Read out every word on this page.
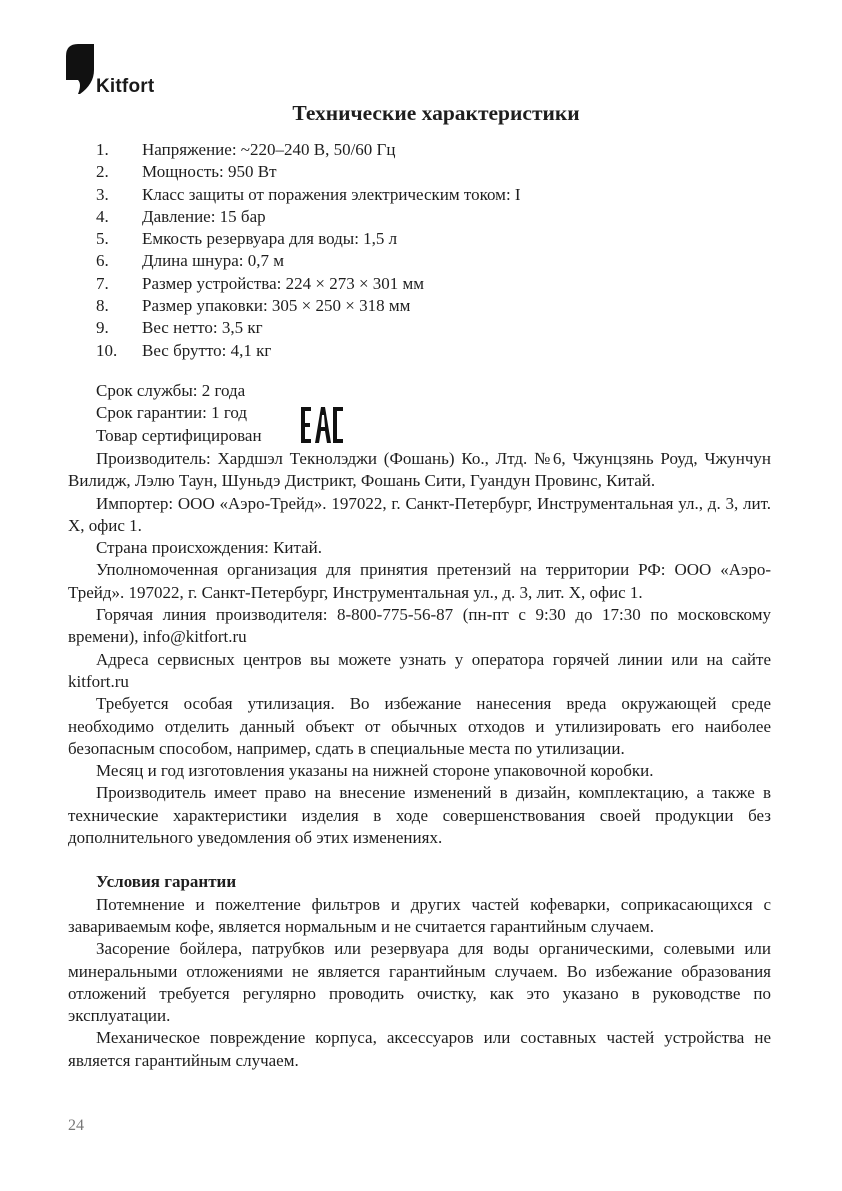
Kitfort
Технические характеристики
1.	Напряжение: ~220–240 В, 50/60 Гц
2.	Мощность: 950 Вт
3.	Класс защиты от поражения электрическим током: I
4.	Давление: 15 бар
5.	Емкость резервуара для воды: 1,5 л
6.	Длина шнура: 0,7 м
7.	Размер устройства: 224 × 273 × 301 мм
8.	Размер упаковки: 305 × 250 × 318 мм
9.	Вес нетто: 3,5 кг
10.	Вес брутто: 4,1 кг
Срок службы: 2 года
Срок гарантии: 1 год
Товар сертифицирован

Производитель: Хардшэл Текнолэджи (Фошань) Ко., Лтд. №6, Чжунцзянь Роуд, Чжунчун Вилидж, Лэлю Таун, Шуньдэ Дистрикт, Фошань Сити, Гуандун Провинс, Китай.

Импортер: ООО «Аэро-Трейд». 197022, г. Санкт-Петербург, Инструментальная ул., д. 3, лит. Х, офис 1.

Страна происхождения: Китай.

Уполномоченная организация для принятия претензий на территории РФ: ООО «Аэро-Трейд». 197022, г. Санкт-Петербург, Инструментальная ул., д. 3, лит. Х, офис 1.

Горячая линия производителя: 8-800-775-56-87 (пн-пт с 9:30 до 17:30 по московскому времени), info@kitfort.ru

Адреса сервисных центров вы можете узнать у оператора горячей линии или на сайте kitfort.ru

Требуется особая утилизация. Во избежание нанесения вреда окружающей среде необходимо отделить данный объект от обычных отходов и утилизировать его наиболее безопасным способом, например, сдать в специальные места по утилизации.

Месяц и год изготовления указаны на нижней стороне упаковочной коробки.

Производитель имеет право на внесение изменений в дизайн, комплектацию, а также в технические характеристики изделия в ходе совершенствования своей продукции без дополнительного уведомления об этих изменениях.

Условия гарантии

Потемнение и пожелтение фильтров и других частей кофеварки, соприкасающихся с завариваемым кофе, является нормальным и не считается гарантийным случаем.

Засорение бойлера, патрубков или резервуара для воды органическими, солевыми или минеральными отложениями не является гарантийным случаем. Во избежание образования отложений требуется регулярно проводить очистку, как это указано в руководстве по эксплуатации.

Механическое повреждение корпуса, аксессуаров или составных частей устройства не является гарантийным случаем.

24
